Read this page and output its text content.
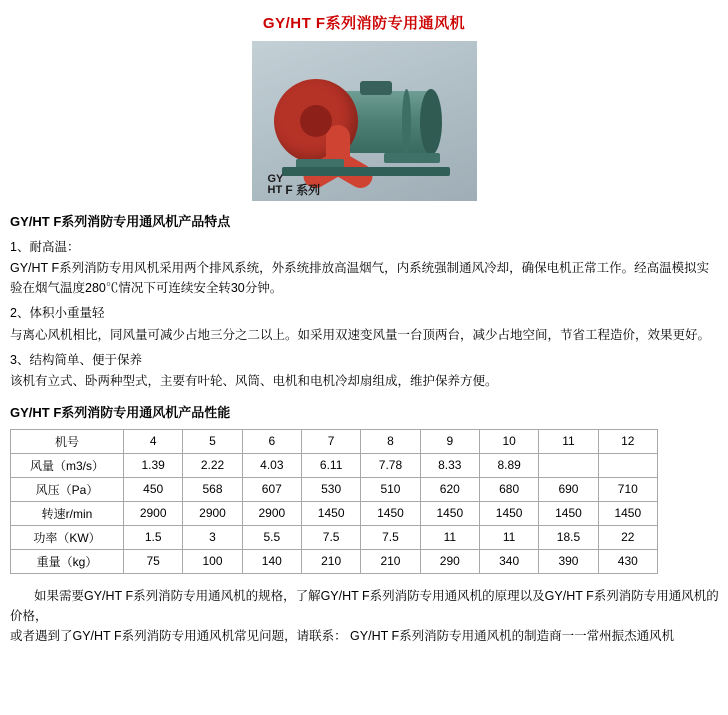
GY/HT F系列消防专用通风机
GY
HT F 系列
GY/HT F系列消防专用通风机产品特点

1、耐高温：

GY/HT F系列消防专用风机采用两个排风系统，外系统排放高温烟气，内系统强制通风冷却，确保电机正常工作。经高温模拟实验在烟气温度280℃情况下可连续安全转30分钟。

2、体积小重量轻

与离心风机相比，同风量可减少占地三分之二以上。如采用双速变风量一台顶两台，减少占地空间，节省工程造价，效果更好。

3、结构简单、便于保养

该机有立式、卧两种型式，主要有叶轮、风筒、电机和电机冷却扇组成，维护保养方便。

GY/HT F系列消防专用通风机产品性能
机号	4	5	6	7	8	9	10	11	12
风量（m3/s）	1.39	2.22	4.03	6.11	7.78	8.33	8.89		
风压（Pa）	450	568	607	530	510	620	680	690	710
转速r/min	2900	2900	2900	1450	1450	1450	1450	1450	1450
功率（KW）	1.5	3	5.5	7.5	7.5	11	11	18.5	22
重量（kg）	75	100	140	210	210	290	340	390	430
如果需要GY/HT F系列消防专用通风机的规格，了解GY/HT F系列消防专用通风机的原理以及GY/HT F系列消防专用通风机的价格，
或者遇到了GY/HT F系列消防专用通风机常见问题，请联系： GY/HT F系列消防专用通风机的制造商一一常州振杰通风机
